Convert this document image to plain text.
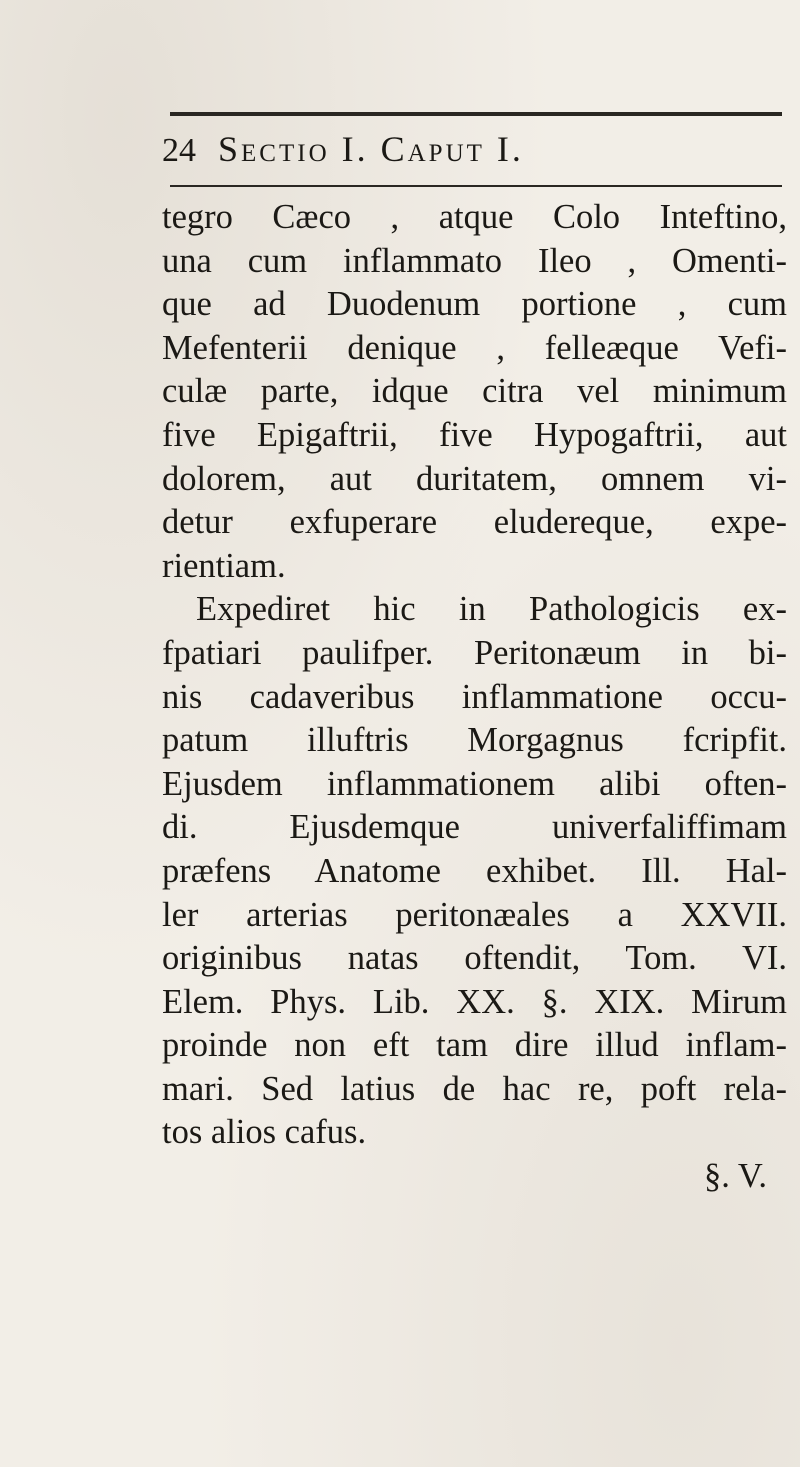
24 Sectio I. Caput I.
tegro Cæco , atque Colo Inteftino,
una cum inflammato Ileo , Omenti-
que ad Duodenum portione , cum
Mefenterii denique , felleæque Vefi-
culæ parte, idque citra vel minimum
five Epigaftrii, five Hypogaftrii, aut
dolorem, aut duritatem, omnem vi-
detur exfuperare eludereque, expe-
rientiam.
Expediret hic in Pathologicis ex-
fpatiari paulifper. Peritonæum in bi-
nis cadaveribus inflammatione occu-
patum illuftris Morgagnus fcripfit.
Ejusdem inflammationem alibi often-
di. Ejusdemque univerfaliffimam
præfens Anatome exhibet. Ill. Hal-
ler arterias peritonæales a XXVII.
originibus natas oftendit, Tom. VI.
Elem. Phys. Lib. XX. §. XIX. Mirum
proinde non eft tam dire illud inflam-
mari. Sed latius de hac re, poft rela-
tos alios cafus.
§. V.
